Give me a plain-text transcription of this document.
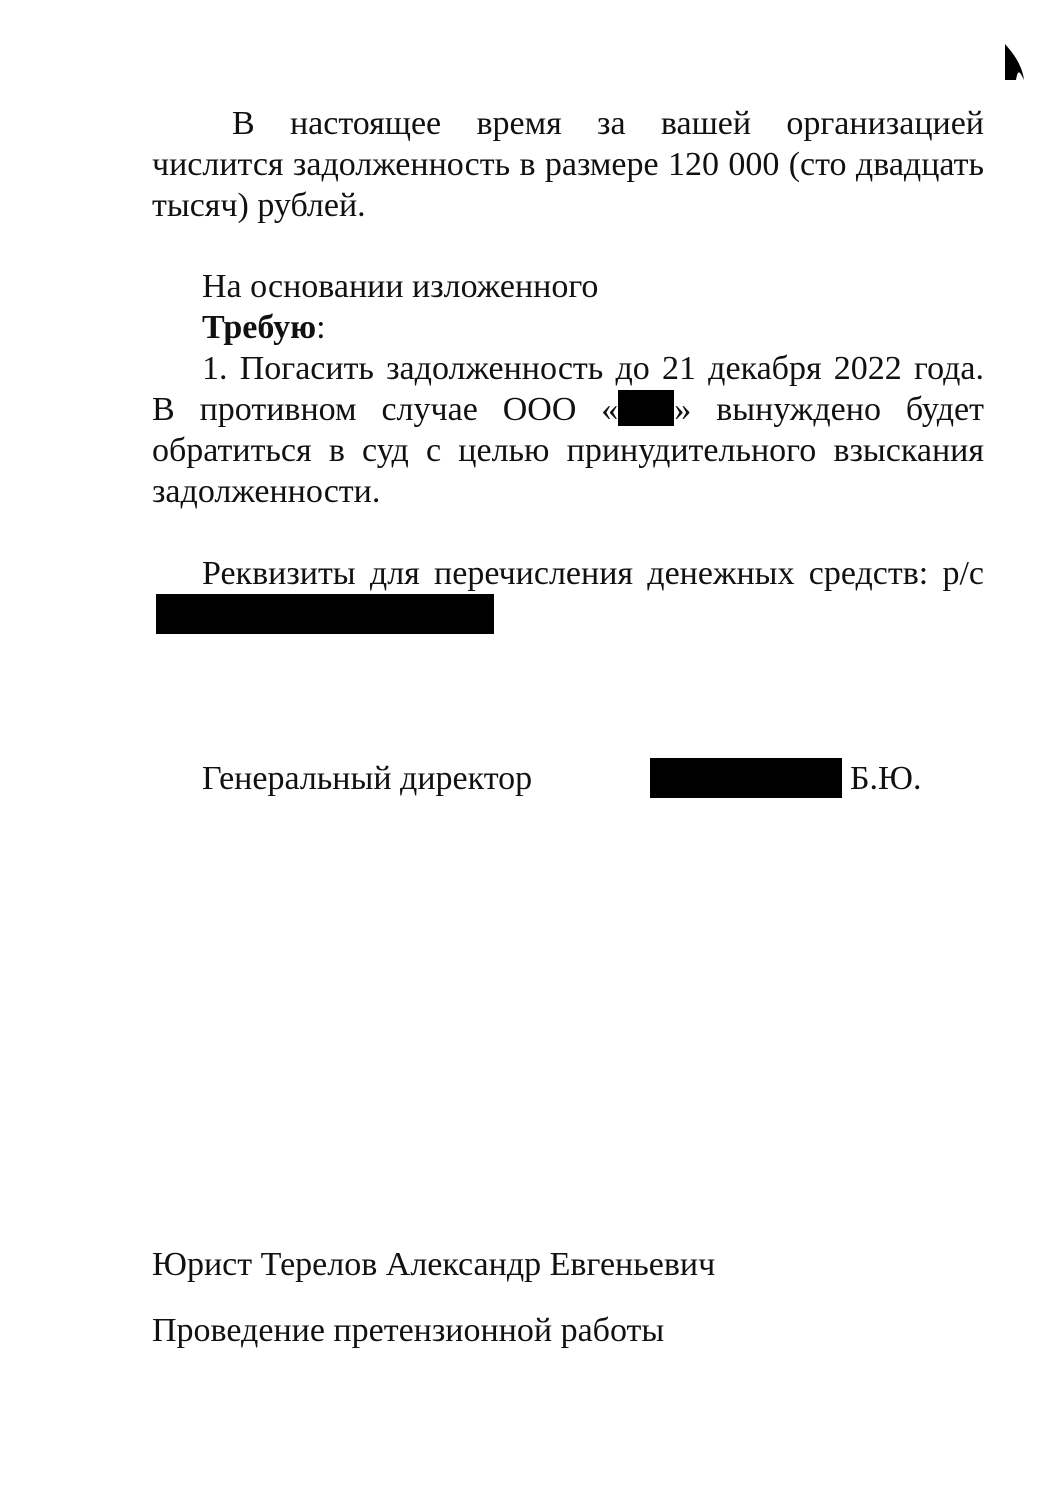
В настоящее время за вашей организацией числится задолженность в размере 120 000 (сто двадцать тысяч) рублей.

На основании изложенного

Требую:

1. Погасить задолженность до 21 декабря 2022 года. В противном случае ООО « » вынуждено будет обратиться в суд с целью принудительного взыскания задолженности.

Реквизиты для перечисления денежных средств: р/с

Генеральный директор	Б.Ю.
Юрист Терелов Александр Евгеньевич
Проведение претензионной работы
